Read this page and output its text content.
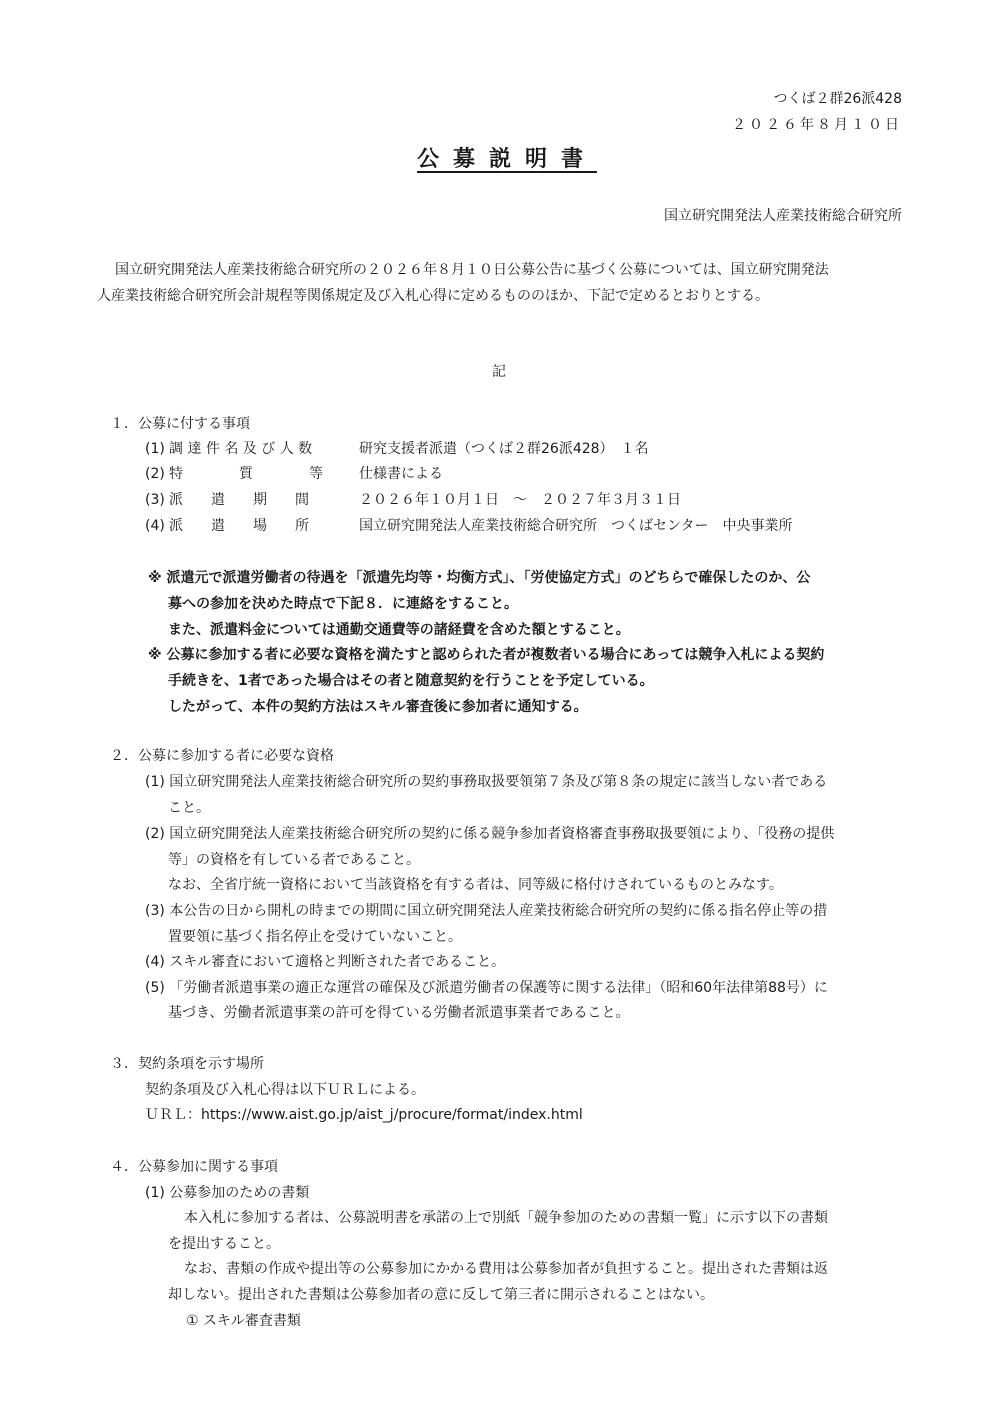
つくば２群26派428
２０２６年８月１０日
公募説明書
国立研究開発法人産業技術総合研究所
国立研究開発法人産業技術総合研究所の２０２６年８月１０日公募公告に基づく公募については、国立研究開発法
人産業技術総合研究所会計規程等関係規定及び入札心得に定めるもののほか、下記で定めるとおりとする。
記
１．公募に付する事項
(1) 調 達 件 名 及 び 人 数	研究支援者派遣（つくば２群26派428）　１名
(2) 特　　　　質　　　　等	仕様書による
(3) 派　　遣　　期　　間	２０２６年１０月１日　～　２０２７年３月３１日
(4) 派　　遣　　場　　所	国立研究開発法人産業技術総合研究所　つくばセンター　中央事業所
※ 派遣元で派遣労働者の待遇を「派遣先均等・均衡方式」、「労使協定方式」のどちらで確保したのか、公
募への参加を決めた時点で下記８．に連絡をすること。
また、派遣料金については通勤交通費等の諸経費を含めた額とすること。
※ 公募に参加する者に必要な資格を満たすと認められた者が複数者いる場合にあっては競争入札による契約
手続きを、1者であった場合はその者と随意契約を行うことを予定している。
したがって、本件の契約方法はスキル審査後に参加者に通知する。
２．公募に参加する者に必要な資格
(1) 国立研究開発法人産業技術総合研究所の契約事務取扱要領第７条及び第８条の規定に該当しない者である
こと。
(2) 国立研究開発法人産業技術総合研究所の契約に係る競争参加者資格審査事務取扱要領により、「役務の提供
等」の資格を有している者であること。
なお、全省庁統一資格において当該資格を有する者は、同等級に格付けされているものとみなす。
(3) 本公告の日から開札の時までの期間に国立研究開発法人産業技術総合研究所の契約に係る指名停止等の措
置要領に基づく指名停止を受けていないこと。
(4) スキル審査において適格と判断された者であること。
(5) 「労働者派遣事業の適正な運営の確保及び派遣労働者の保護等に関する法律」（昭和60年法律第88号）に
基づき、労働者派遣事業の許可を得ている労働者派遣事業者であること。
３．契約条項を示す場所
契約条項及び入札心得は以下ＵＲＬによる。
ＵＲＬ：https://www.aist.go.jp/aist_j/procure/format/index.html
４．公募参加に関する事項
(1) 公募参加のための書類
本入札に参加する者は、公募説明書を承諾の上で別紙「競争参加のための書類一覧」に示す以下の書類
を提出すること。
なお、書類の作成や提出等の公募参加にかかる費用は公募参加者が負担すること。提出された書類は返
却しない。提出された書類は公募参加者の意に反して第三者に開示されることはない。
① スキル審査書類
